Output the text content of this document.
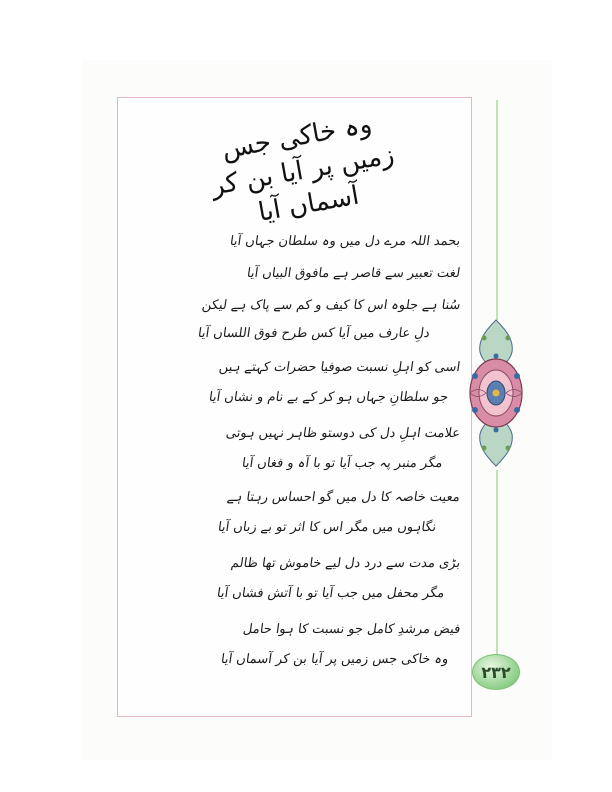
وہ خاکی جس زمیں پر آیا بن کر آسماں آیا
بحمد اللہ مرے دل میں وہ سلطان جہاں آیا
لغت تعبیر سے قاصر ہے مافوق البیاں آیا
سُنا ہے جلوہ اس کا کیف و کم سے پاک ہے لیکن
دلِ عارف میں آیا کس طرح فوق اللساں آیا
اسی کو اہلِ نسبت صوفیا حضرات کہتے ہیں
جو سلطانِ جہاں ہو کر کے بے نام و نشاں آیا
علامت اہلِ دل کی دوستو ظاہر نہیں ہوتی
مگر منبر پہ جب آیا تو با آہ و فغاں آیا
معیت خاصہ کا دل میں گو احساس رہتا ہے
نگاہوں میں مگر اس کا اثر تو بے زباں آیا
بڑی مدت سے درد دل لیے خاموش تھا ظالم
مگر محفل میں جب آیا تو با آتش فشاں آیا
فیض مرشدِ کامل جو نسبت کا ہوا حامل
وہ خاکی جس زمیں پر آیا بن کر آسماں آیا
۲۳۲
